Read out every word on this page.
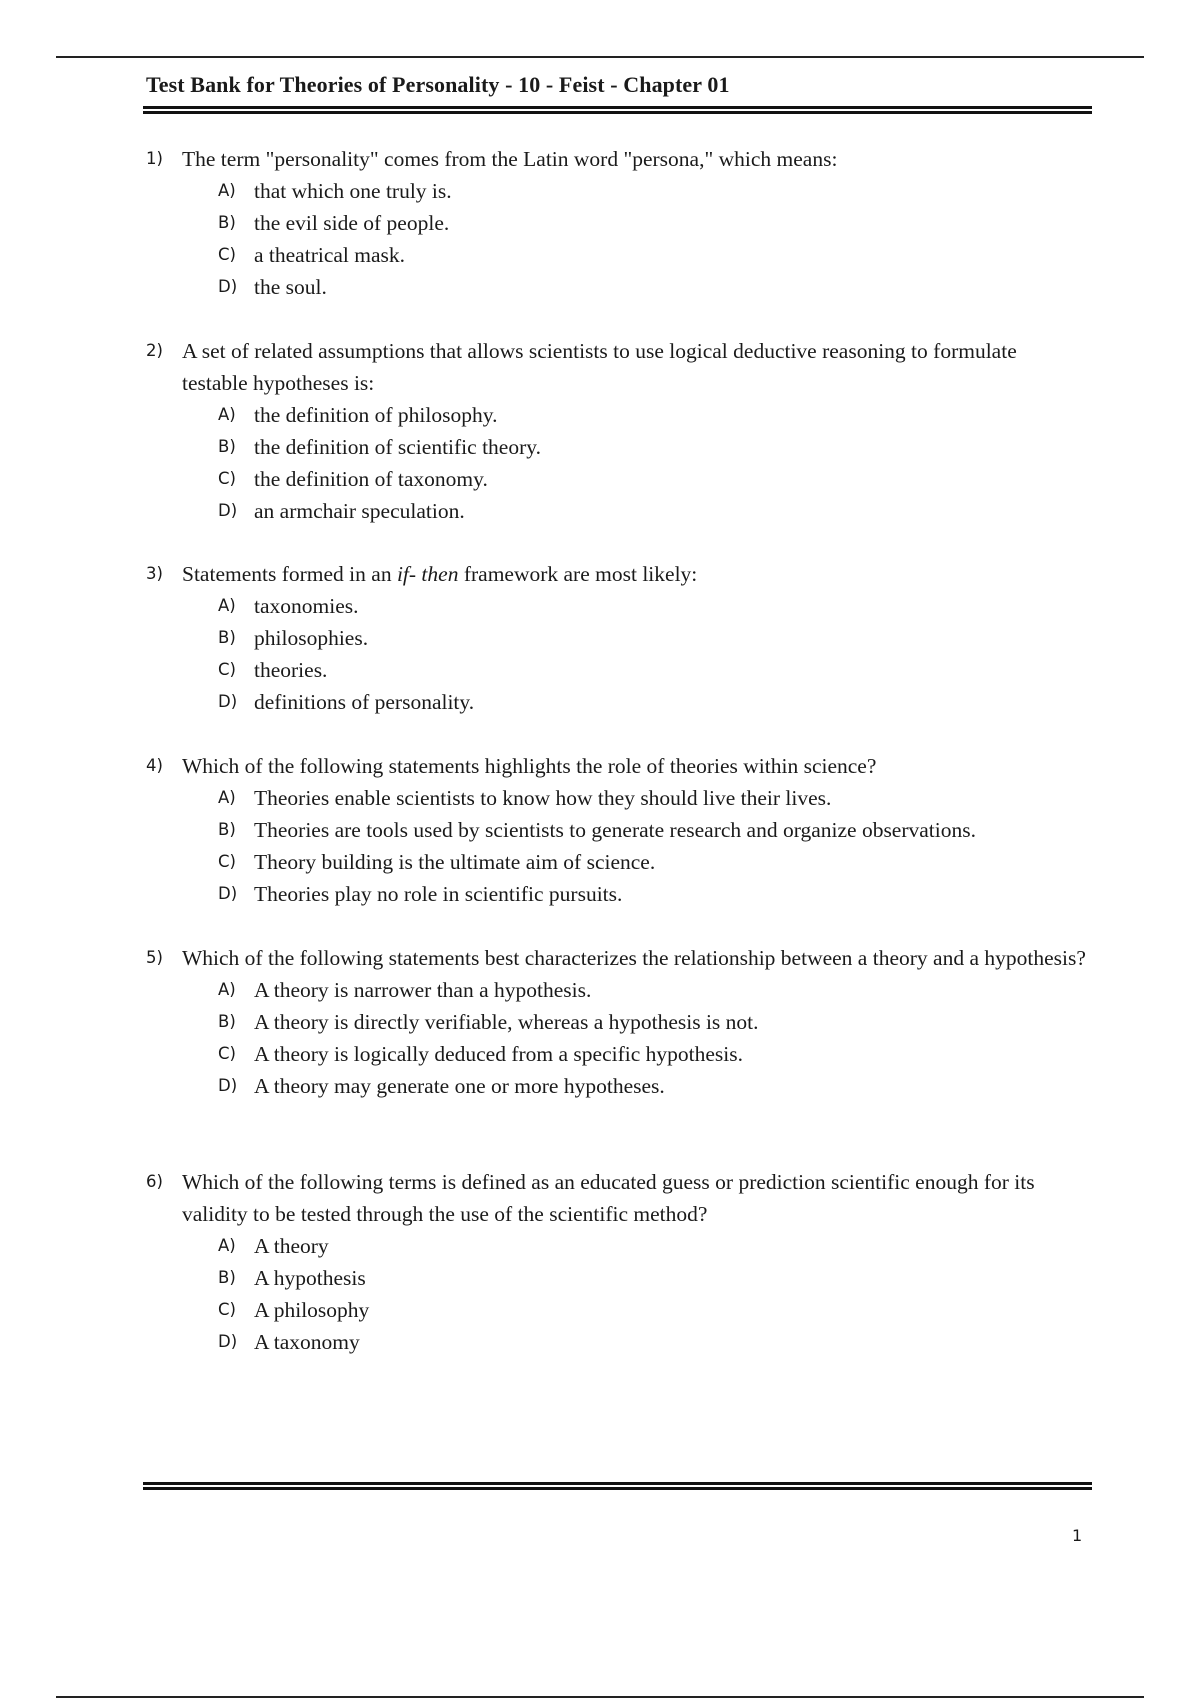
Test Bank for Theories of Personality - 10 - Feist - Chapter 01
1) The term "personality" comes from the Latin word "persona," which means:
A) that which one truly is.
B) the evil side of people.
C) a theatrical mask.
D) the soul.
2) A set of related assumptions that allows scientists to use logical deductive reasoning to formulate testable hypotheses is:
A) the definition of philosophy.
B) the definition of scientific theory.
C) the definition of taxonomy.
D) an armchair speculation.
3) Statements formed in an if- then framework are most likely:
A) taxonomies.
B) philosophies.
C) theories.
D) definitions of personality.
4) Which of the following statements highlights the role of theories within science?
A) Theories enable scientists to know how they should live their lives.
B) Theories are tools used by scientists to generate research and organize observations.
C) Theory building is the ultimate aim of science.
D) Theories play no role in scientific pursuits.
5) Which of the following statements best characterizes the relationship between a theory and a hypothesis?
A) A theory is narrower than a hypothesis.
B) A theory is directly verifiable, whereas a hypothesis is not.
C) A theory is logically deduced from a specific hypothesis.
D) A theory may generate one or more hypotheses.
6) Which of the following terms is defined as an educated guess or prediction scientific enough for its validity to be tested through the use of the scientific method?
A) A theory
B) A hypothesis
C) A philosophy
D) A taxonomy
1
